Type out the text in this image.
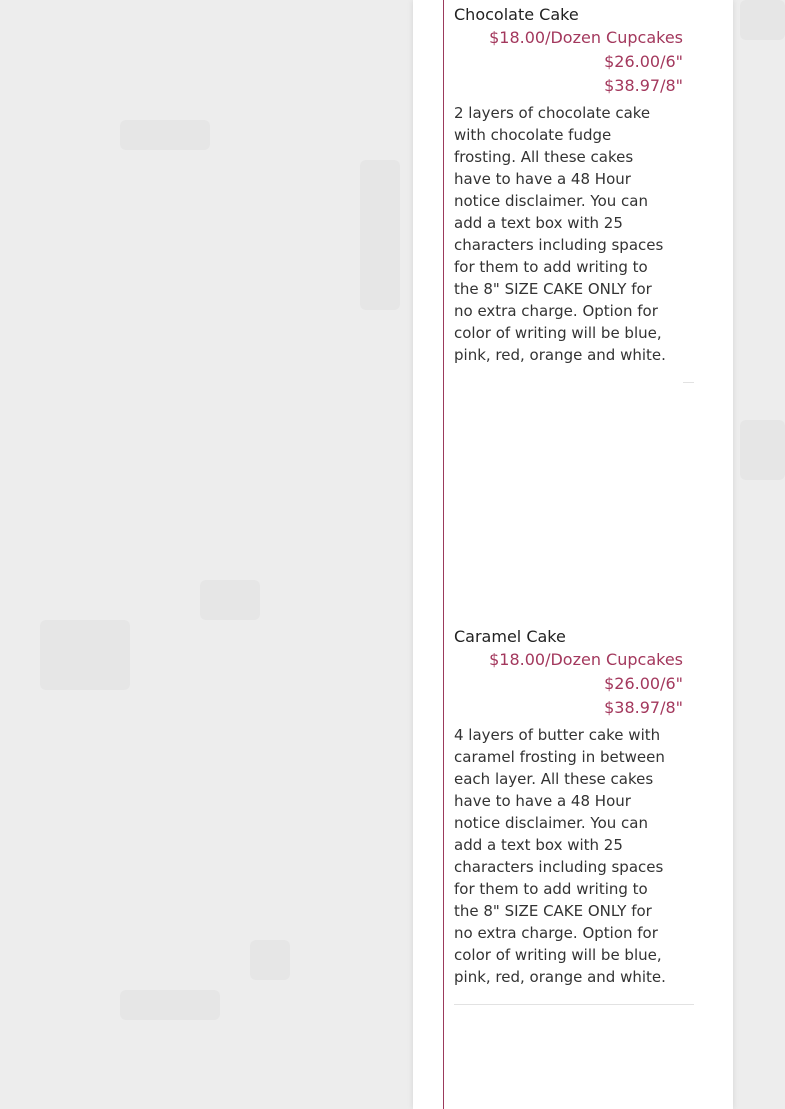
Chocolate Cake

$18.00/Dozen Cupcakes
$26.00/6"
$38.97/8"
2 layers of chocolate cake with chocolate fudge frosting. All these cakes have to have a 48 Hour notice disclaimer. You can add a text box with 25 characters including spaces for them to add writing to the 8" SIZE CAKE ONLY for no extra charge. Option for color of writing will be blue, pink, red, orange and white.

Caramel Cake

$18.00/Dozen Cupcakes
$26.00/6"
$38.97/8"
4 layers of butter cake with caramel frosting in between each layer. All these cakes have to have a 48 Hour notice disclaimer. You can add a text box with 25 characters including spaces for them to add writing to the 8" SIZE CAKE ONLY for no extra charge. Option for color of writing will be blue, pink, red, orange and white.
